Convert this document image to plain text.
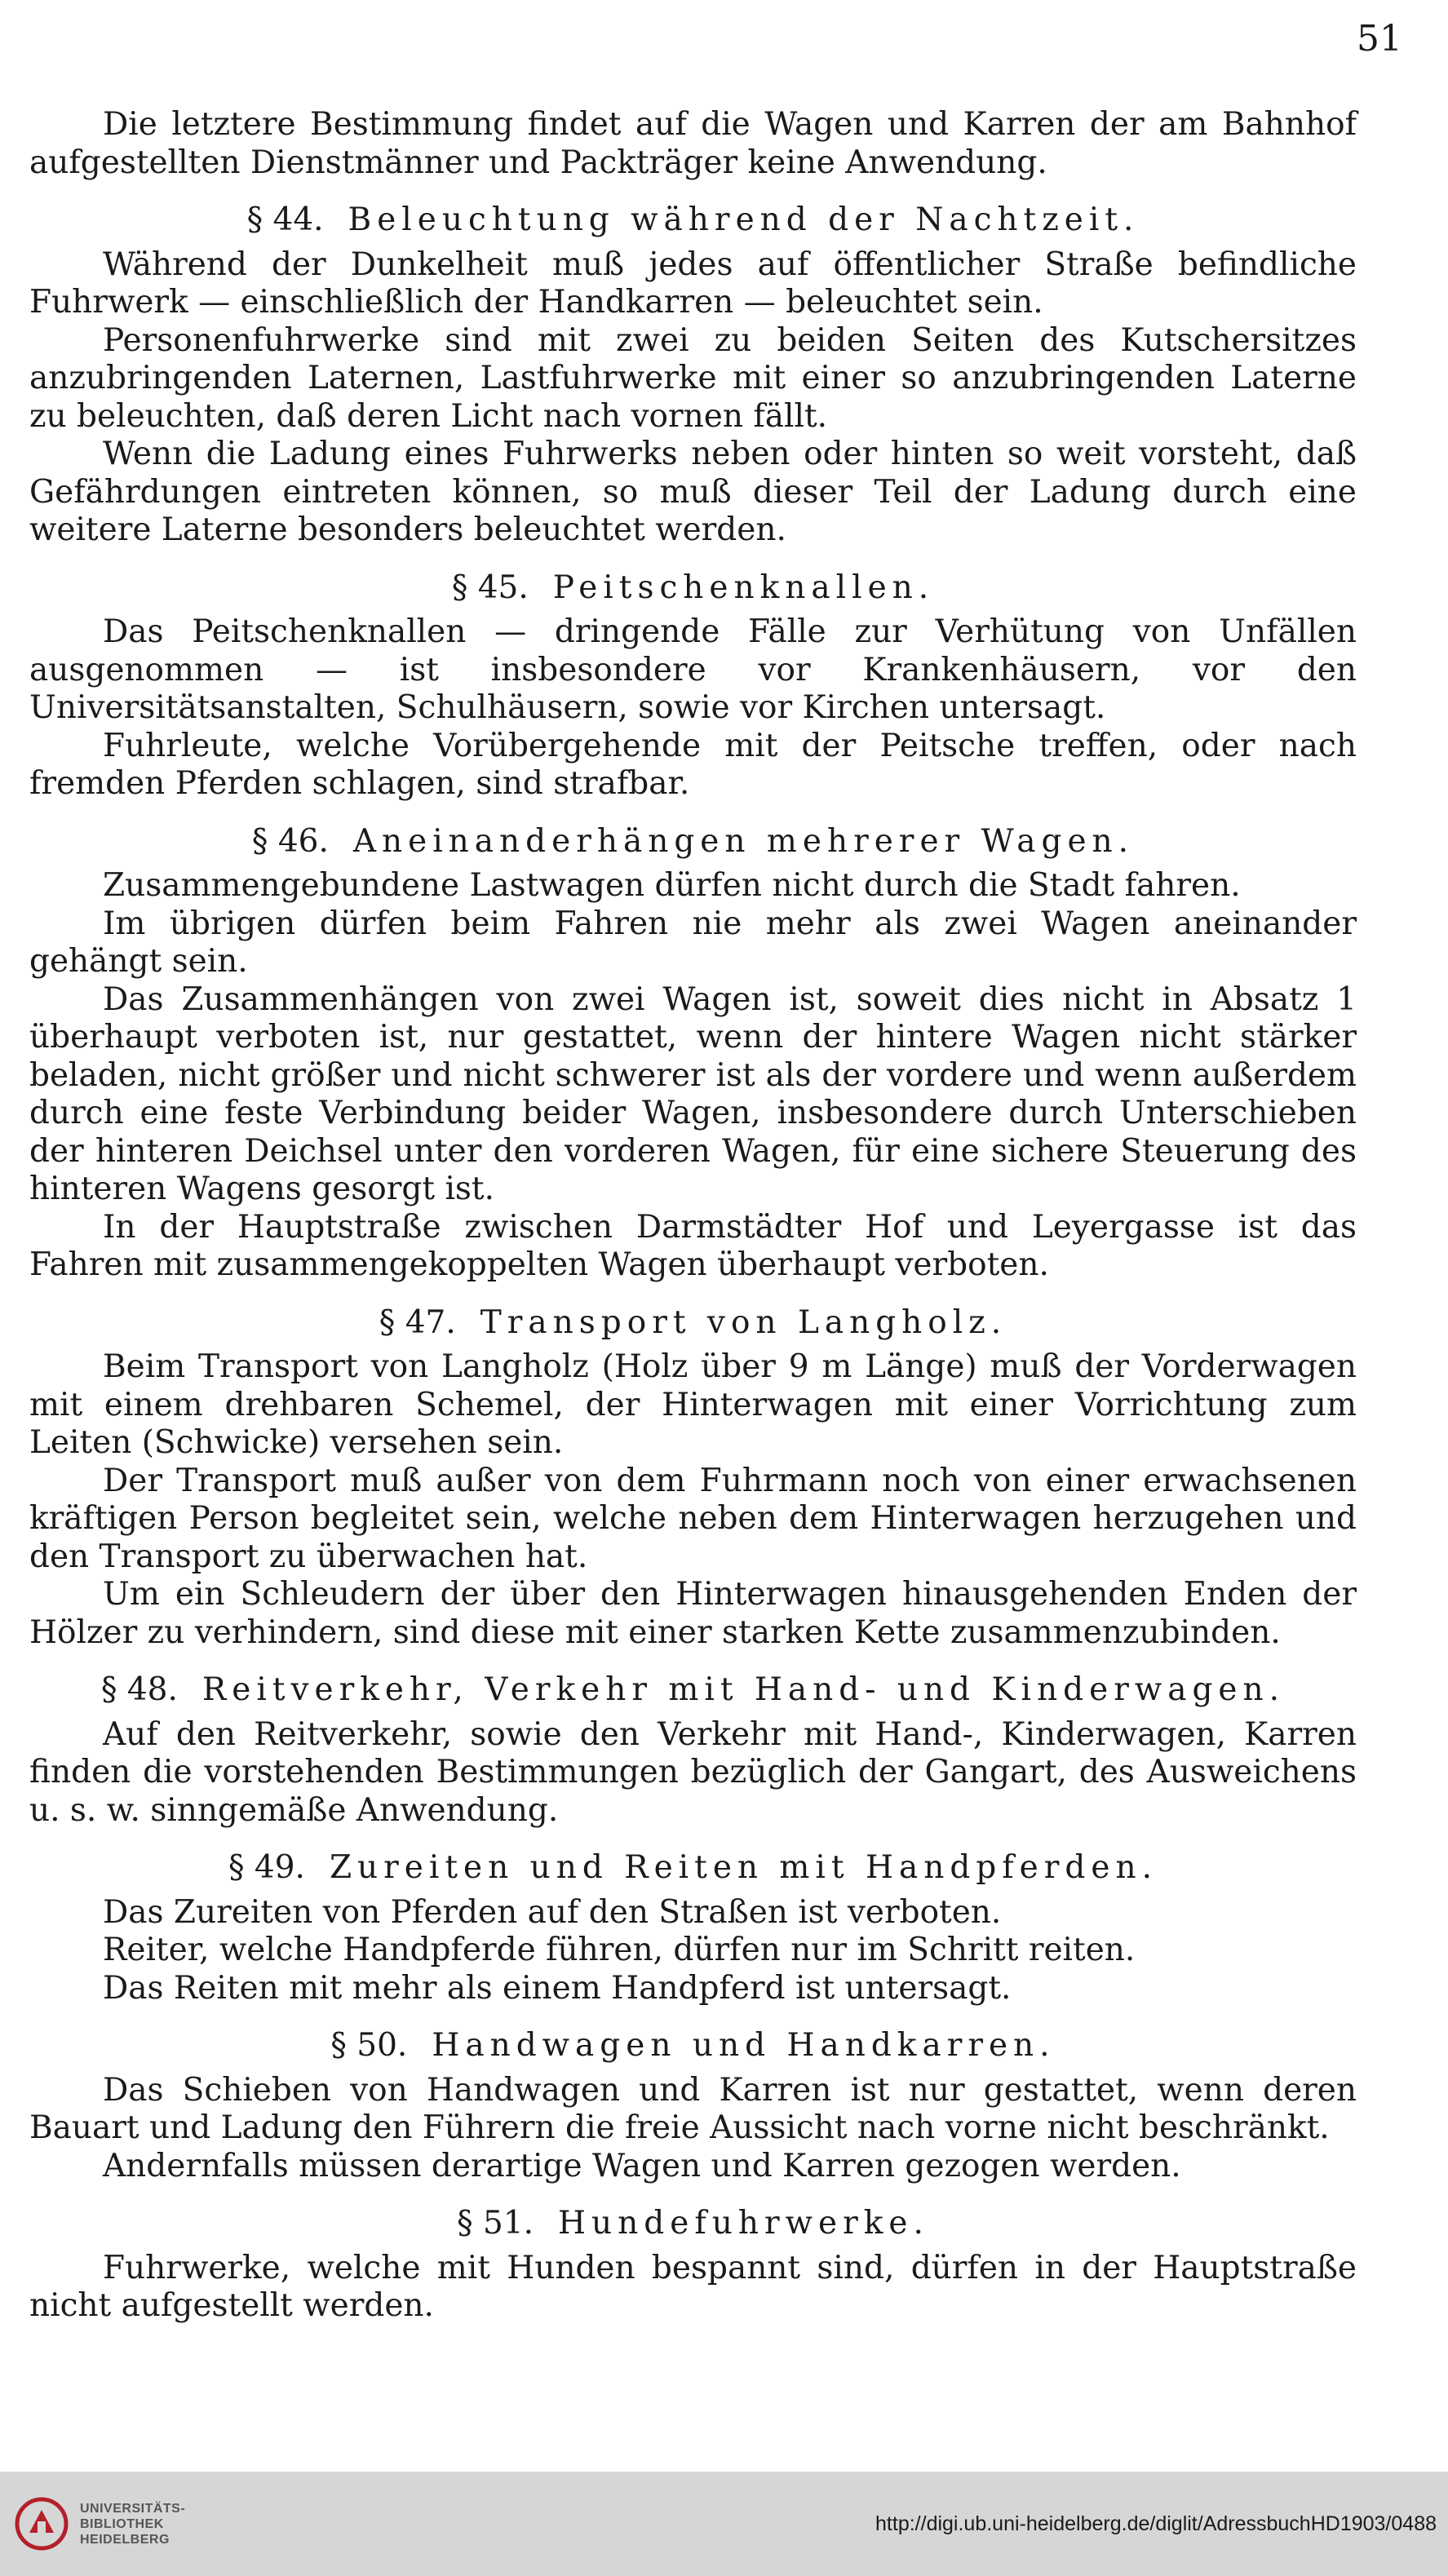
51

Die letztere Bestimmung findet auf die Wagen und Karren der am Bahnhof aufgestellten Dienstmänner und Packträger keine Anwendung.

§ 44. Beleuchtung während der Nachtzeit.

Während der Dunkelheit muß jedes auf öffentlicher Straße befindliche Fuhrwerk — einschließlich der Handkarren — beleuchtet sein.

Personenfuhrwerke sind mit zwei zu beiden Seiten des Kutschersitzes anzubringenden Laternen, Lastfuhrwerke mit einer so anzubringenden Laterne zu beleuchten, daß deren Licht nach vornen fällt.

Wenn die Ladung eines Fuhrwerks neben oder hinten so weit vorsteht, daß Gefährdungen eintreten können, so muß dieser Teil der Ladung durch eine weitere Laterne besonders beleuchtet werden.

§ 45. Peitschenknallen.

Das Peitschenknallen — dringende Fälle zur Verhütung von Unfällen ausgenommen — ist insbesondere vor Krankenhäusern, vor den Universitätsanstalten, Schulhäusern, sowie vor Kirchen untersagt.

Fuhrleute, welche Vorübergehende mit der Peitsche treffen, oder nach fremden Pferden schlagen, sind strafbar.

§ 46. Aneinanderhängen mehrerer Wagen.

Zusammengebundene Lastwagen dürfen nicht durch die Stadt fahren.

Im übrigen dürfen beim Fahren nie mehr als zwei Wagen aneinander gehängt sein.

Das Zusammenhängen von zwei Wagen ist, soweit dies nicht in Absatz 1 überhaupt verboten ist, nur gestattet, wenn der hintere Wagen nicht stärker beladen, nicht größer und nicht schwerer ist als der vordere und wenn außerdem durch eine feste Verbindung beider Wagen, insbesondere durch Unterschieben der hinteren Deichsel unter den vorderen Wagen, für eine sichere Steuerung des hinteren Wagens gesorgt ist.

In der Hauptstraße zwischen Darmstädter Hof und Leyergasse ist das Fahren mit zusammengekoppelten Wagen überhaupt verboten.

§ 47. Transport von Langholz.

Beim Transport von Langholz (Holz über 9 m Länge) muß der Vorderwagen mit einem drehbaren Schemel, der Hinterwagen mit einer Vorrichtung zum Leiten (Schwicke) versehen sein.

Der Transport muß außer von dem Fuhrmann noch von einer erwachsenen kräftigen Person begleitet sein, welche neben dem Hinterwagen herzugehen und den Transport zu überwachen hat.

Um ein Schleudern der über den Hinterwagen hinausgehenden Enden der Hölzer zu verhindern, sind diese mit einer starken Kette zusammenzubinden.

§ 48. Reitverkehr, Verkehr mit Hand- und Kinderwagen.

Auf den Reitverkehr, sowie den Verkehr mit Hand-, Kinderwagen, Karren finden die vorstehenden Bestimmungen bezüglich der Gangart, des Ausweichens u. s. w. sinngemäße Anwendung.

§ 49. Zureiten und Reiten mit Handpferden.

Das Zureiten von Pferden auf den Straßen ist verboten.

Reiter, welche Handpferde führen, dürfen nur im Schritt reiten.

Das Reiten mit mehr als einem Handpferd ist untersagt.

§ 50. Handwagen und Handkarren.

Das Schieben von Handwagen und Karren ist nur gestattet, wenn deren Bauart und Ladung den Führern die freie Aussicht nach vorne nicht beschränkt.

Andernfalls müssen derartige Wagen und Karren gezogen werden.

§ 51. Hundefuhrwerke.

Fuhrwerke, welche mit Hunden bespannt sind, dürfen in der Hauptstraße nicht aufgestellt werden.

UNIVERSITÄTS-
BIBLIOTHEK
HEIDELBERG
http://digi.ub.uni-heidelberg.de/diglit/AdressbuchHD1903/0488
